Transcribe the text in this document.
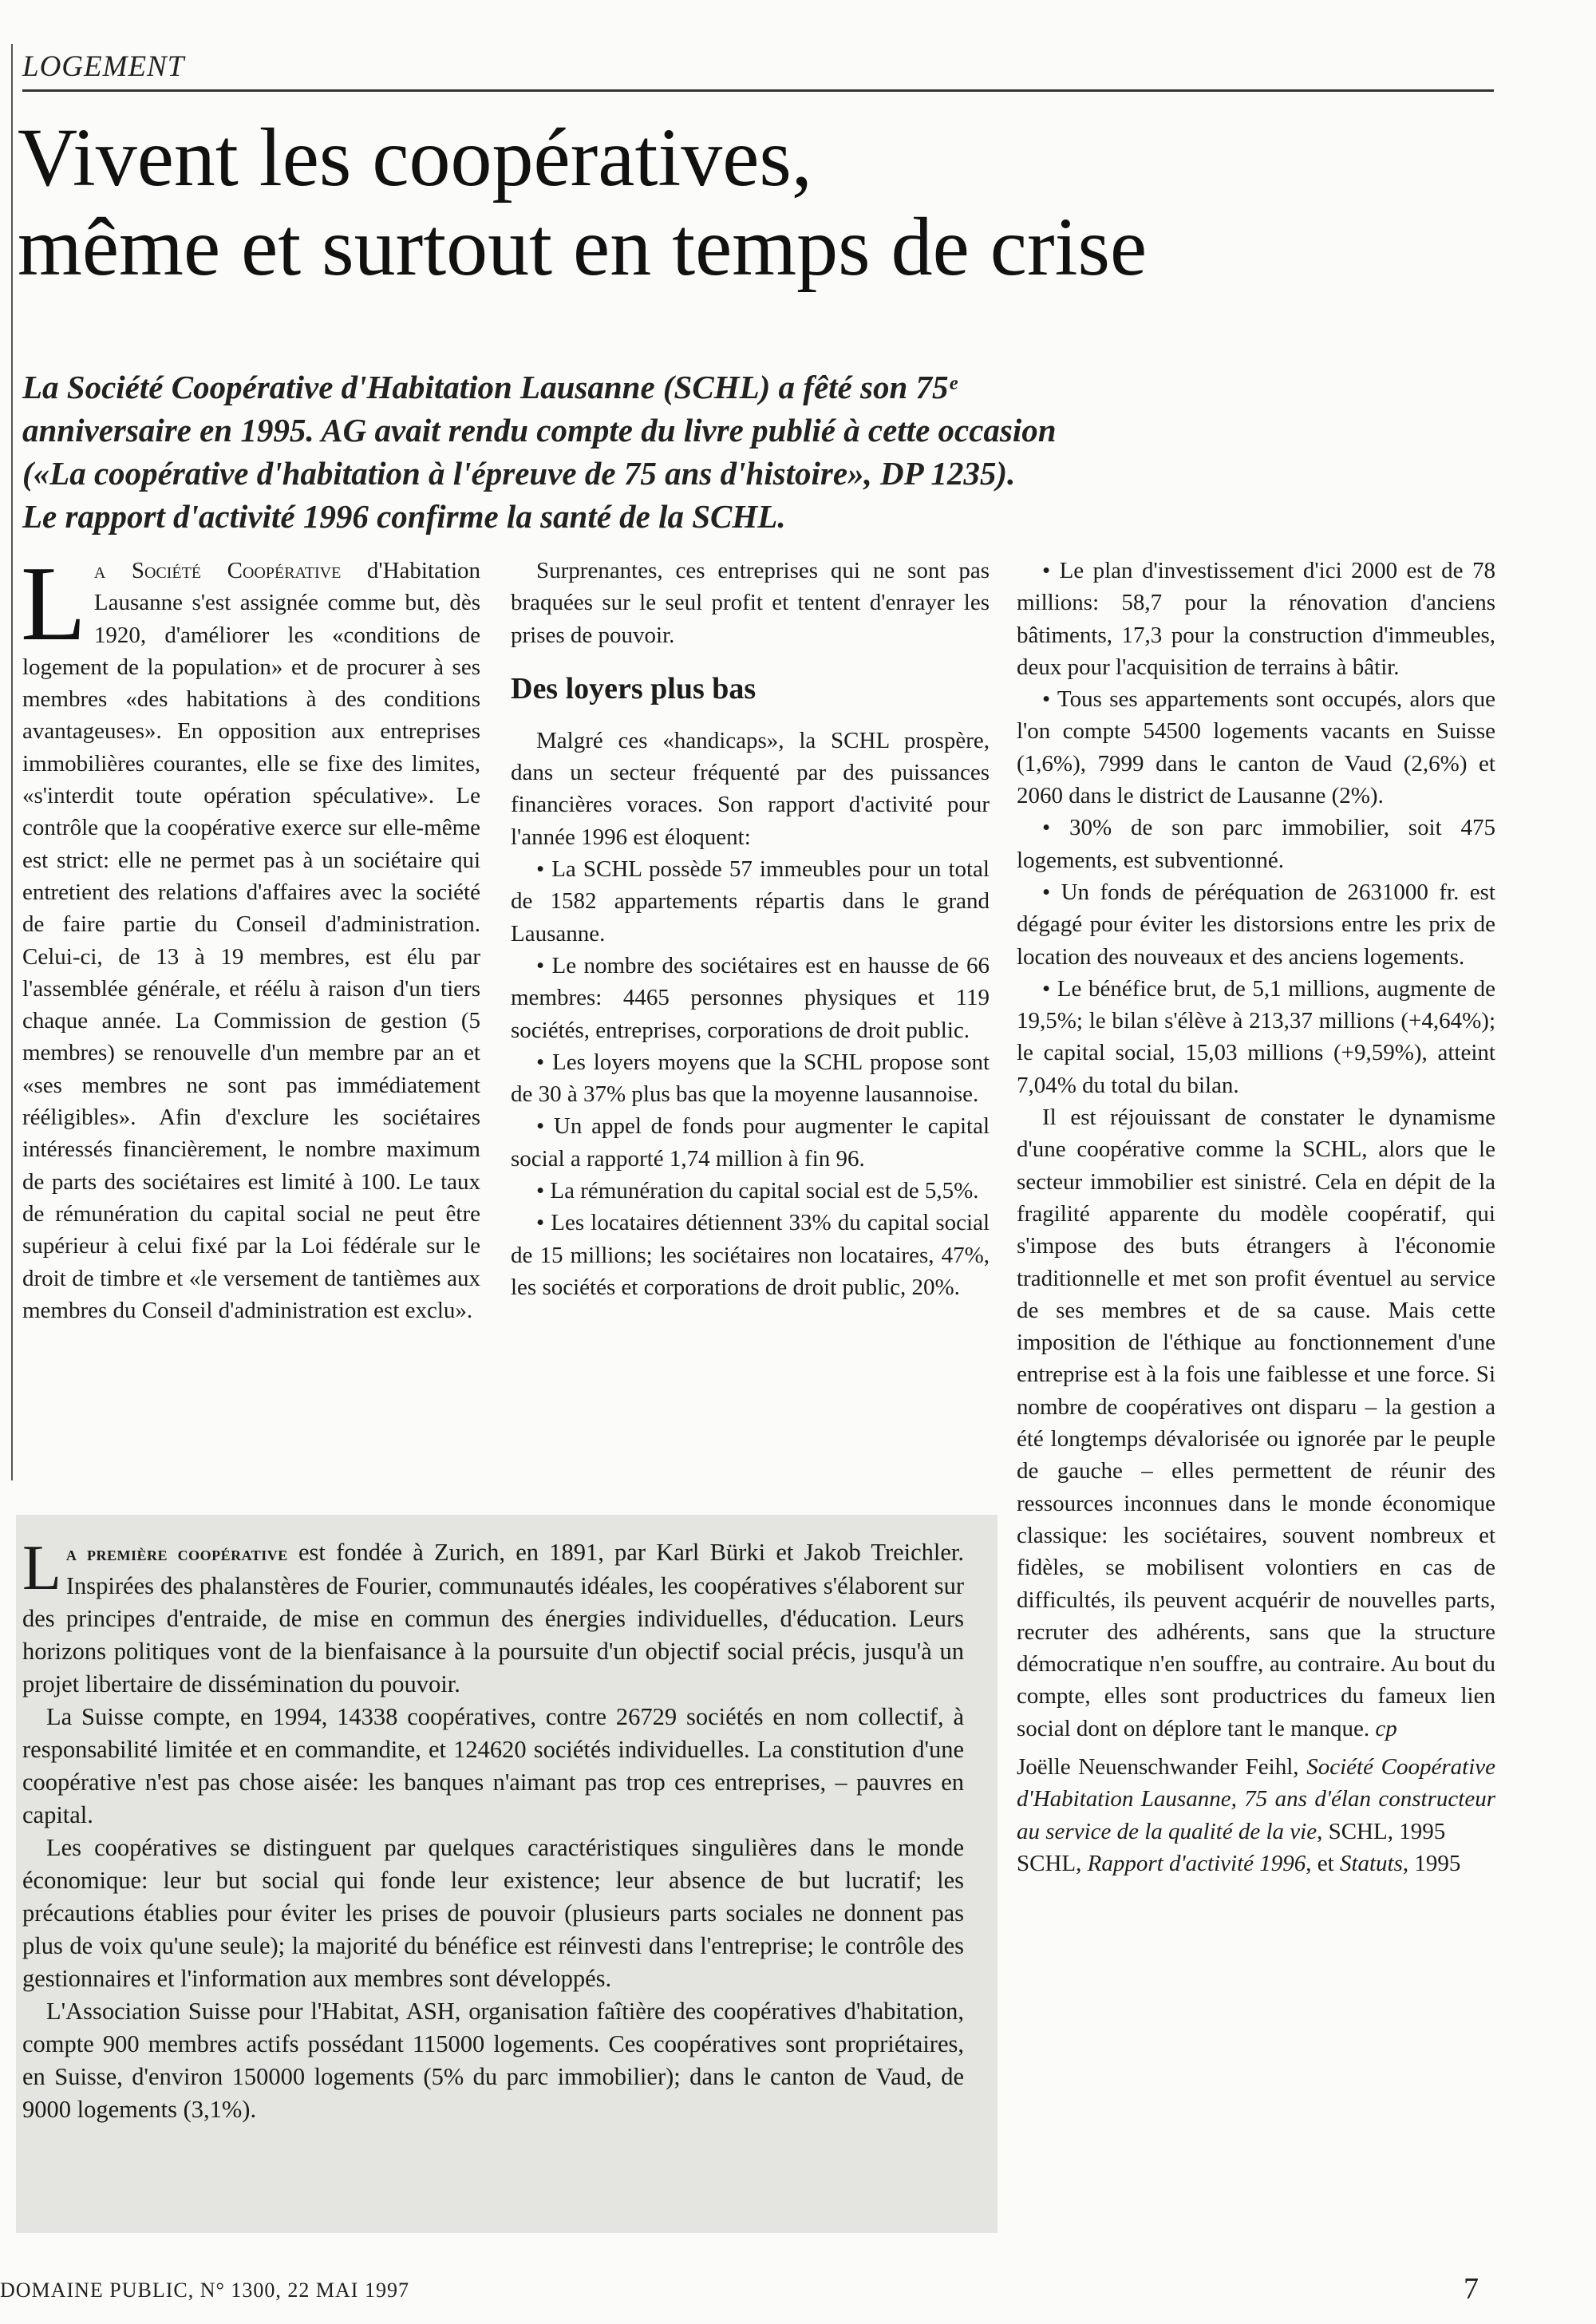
LOGEMENT
Vivent les coopératives,
même et surtout en temps de crise
La Société Coopérative d'Habitation Lausanne (SCHL) a fêté son 75ᵉ
anniversaire en 1995. AG avait rendu compte du livre publié à cette occasion
(«La coopérative d'habitation à l'épreuve de 75 ans d'histoire», DP 1235).
Le rapport d'activité 1996 confirme la santé de la SCHL.

La Société Coopérative d'Habitation Lausanne s'est assignée comme but, dès 1920, d'améliorer les «conditions de logement de la population» et de procurer à ses membres «des habitations à des conditions avantageuses». En opposition aux entreprises immobilières courantes, elle se fixe des limites, «s'interdit toute opération spéculative». Le contrôle que la coopérative exerce sur elle-même est strict: elle ne permet pas à un sociétaire qui entretient des relations d'affaires avec la société de faire partie du Conseil d'administration. Celui-ci, de 13 à 19 membres, est élu par l'assemblée générale, et réélu à raison d'un tiers chaque année. La Commission de gestion (5 membres) se renouvelle d'un membre par an et «ses membres ne sont pas immédiatement rééligibles». Afin d'exclure les sociétaires intéressés financièrement, le nombre maximum de parts des sociétaires est limité à 100. Le taux de rémunération du capital social ne peut être supérieur à celui fixé par la Loi fédérale sur le droit de timbre et «le versement de tantièmes aux membres du Conseil d'administration est exclu».

Surprenantes, ces entreprises qui ne sont pas braquées sur le seul profit et tentent d'enrayer les prises de pouvoir.

Des loyers plus bas

Malgré ces «handicaps», la SCHL prospère, dans un secteur fréquenté par des puissances financières voraces. Son rapport d'activité pour l'année 1996 est éloquent:

• La SCHL possède 57 immeubles pour un total de 1582 appartements répartis dans le grand Lausanne.

• Le nombre des sociétaires est en hausse de 66 membres: 4465 personnes physiques et 119 sociétés, entreprises, corporations de droit public.

• Les loyers moyens que la SCHL propose sont de 30 à 37% plus bas que la moyenne lausannoise.

• Un appel de fonds pour augmenter le capital social a rapporté 1,74 million à fin 96.

• La rémunération du capital social est de 5,5%.

• Les locataires détiennent 33% du capital social de 15 millions; les sociétaires non locataires, 47%, les sociétés et corporations de droit public, 20%.

• Le plan d'investissement d'ici 2000 est de 78 millions: 58,7 pour la rénovation d'anciens bâtiments, 17,3 pour la construction d'immeubles, deux pour l'acquisition de terrains à bâtir.

• Tous ses appartements sont occupés, alors que l'on compte 54500 logements vacants en Suisse (1,6%), 7999 dans le canton de Vaud (2,6%) et 2060 dans le district de Lausanne (2%).

• 30% de son parc immobilier, soit 475 logements, est subventionné.

• Un fonds de péréquation de 2631000 fr. est dégagé pour éviter les distorsions entre les prix de location des nouveaux et des anciens logements.

• Le bénéfice brut, de 5,1 millions, augmente de 19,5%; le bilan s'élève à 213,37 millions (+4,64%); le capital social, 15,03 millions (+9,59%), atteint 7,04% du total du bilan.

Il est réjouissant de constater le dynamisme d'une coopérative comme la SCHL, alors que le secteur immobilier est sinistré. Cela en dépit de la fragilité apparente du modèle coopératif, qui s'impose des buts étrangers à l'économie traditionnelle et met son profit éventuel au service de ses membres et de sa cause. Mais cette imposition de l'éthique au fonctionnement d'une entreprise est à la fois une faiblesse et une force. Si nombre de coopératives ont disparu – la gestion a été longtemps dévalorisée ou ignorée par le peuple de gauche – elles permettent de réunir des ressources inconnues dans le monde économique classique: les sociétaires, souvent nombreux et fidèles, se mobilisent volontiers en cas de difficultés, ils peuvent acquérir de nouvelles parts, recruter des adhérents, sans que la structure démocratique n'en souffre, au contraire. Au bout du compte, elles sont productrices du fameux lien social dont on déplore tant le manque. cp

Joëlle Neuenschwander Feihl, Société Coopérative d'Habitation Lausanne, 75 ans d'élan constructeur au service de la qualité de la vie, SCHL, 1995

SCHL, Rapport d'activité 1996, et Statuts, 1995

La première coopérative est fondée à Zurich, en 1891, par Karl Bürki et Jakob Treichler. Inspirées des phalanstères de Fourier, communautés idéales, les coopératives s'élaborent sur des principes d'entraide, de mise en commun des énergies individuelles, d'éducation. Leurs horizons politiques vont de la bienfaisance à la poursuite d'un objectif social précis, jusqu'à un projet libertaire de dissémination du pouvoir.

La Suisse compte, en 1994, 14338 coopératives, contre 26729 sociétés en nom collectif, à responsabilité limitée et en commandite, et 124620 sociétés individuelles. La constitution d'une coopérative n'est pas chose aisée: les banques n'aimant pas trop ces entreprises, – pauvres en capital.

Les coopératives se distinguent par quelques caractéristiques singulières dans le monde économique: leur but social qui fonde leur existence; leur absence de but lucratif; les précautions établies pour éviter les prises de pouvoir (plusieurs parts sociales ne donnent pas plus de voix qu'une seule); la majorité du bénéfice est réinvesti dans l'entreprise; le contrôle des gestionnaires et l'information aux membres sont développés.

L'Association Suisse pour l'Habitat, ASH, organisation faîtière des coopératives d'habitation, compte 900 membres actifs possédant 115000 logements. Ces coopératives sont propriétaires, en Suisse, d'environ 150000 logements (5% du parc immobilier); dans le canton de Vaud, de 9000 logements (3,1%).

DOMAINE PUBLIC, N° 1300, 22 MAI 1997	7
